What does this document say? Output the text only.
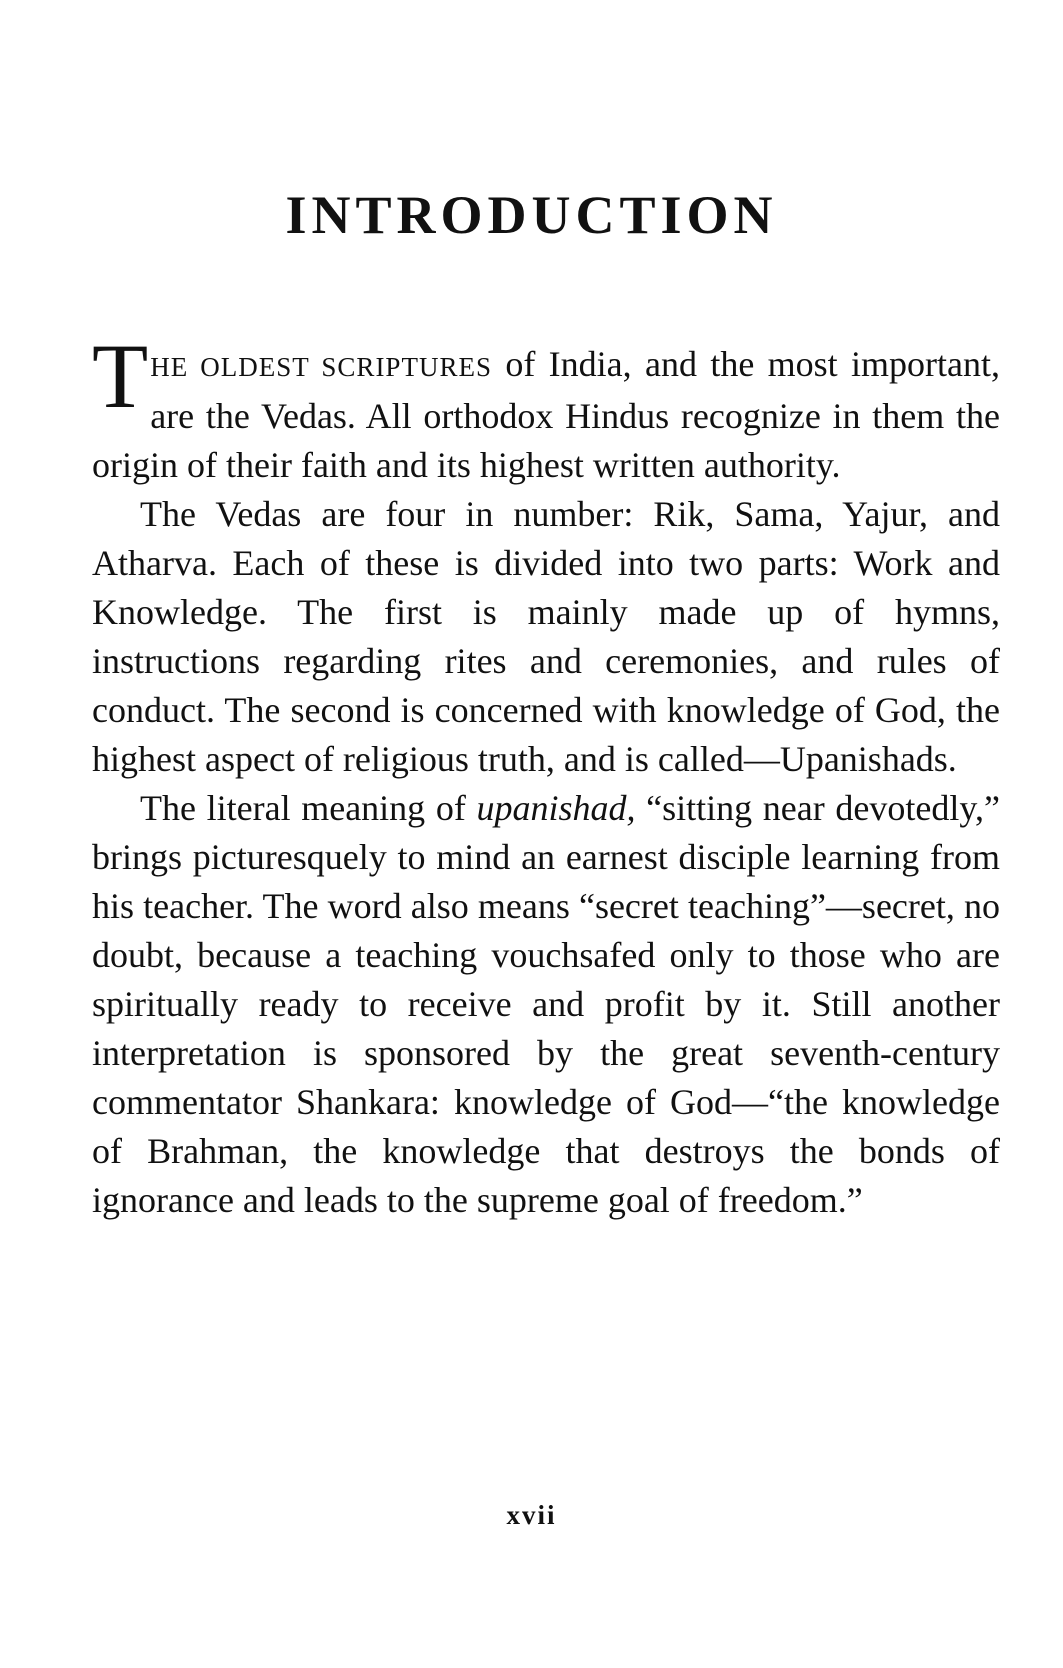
INTRODUCTION

THE OLDEST SCRIPTURES of India, and the most important, are the Vedas. All orthodox Hindus recognize in them the origin of their faith and its highest written authority.

The Vedas are four in number: Rik, Sama, Yajur, and Atharva. Each of these is divided into two parts: Work and Knowledge. The first is mainly made up of hymns, instructions regarding rites and ceremonies, and rules of conduct. The second is concerned with knowledge of God, the highest aspect of religious truth, and is called—Upanishads.

The literal meaning of upanishad, “sitting near devotedly,” brings picturesquely to mind an earnest disciple learning from his teacher. The word also means “secret teaching”—secret, no doubt, because a teaching vouchsafed only to those who are spiritually ready to receive and profit by it. Still another interpretation is sponsored by the great seventh-century commentator Shankara: knowledge of God—“the knowledge of Brahman, the knowledge that destroys the bonds of ignorance and leads to the supreme goal of freedom.”

xvii
